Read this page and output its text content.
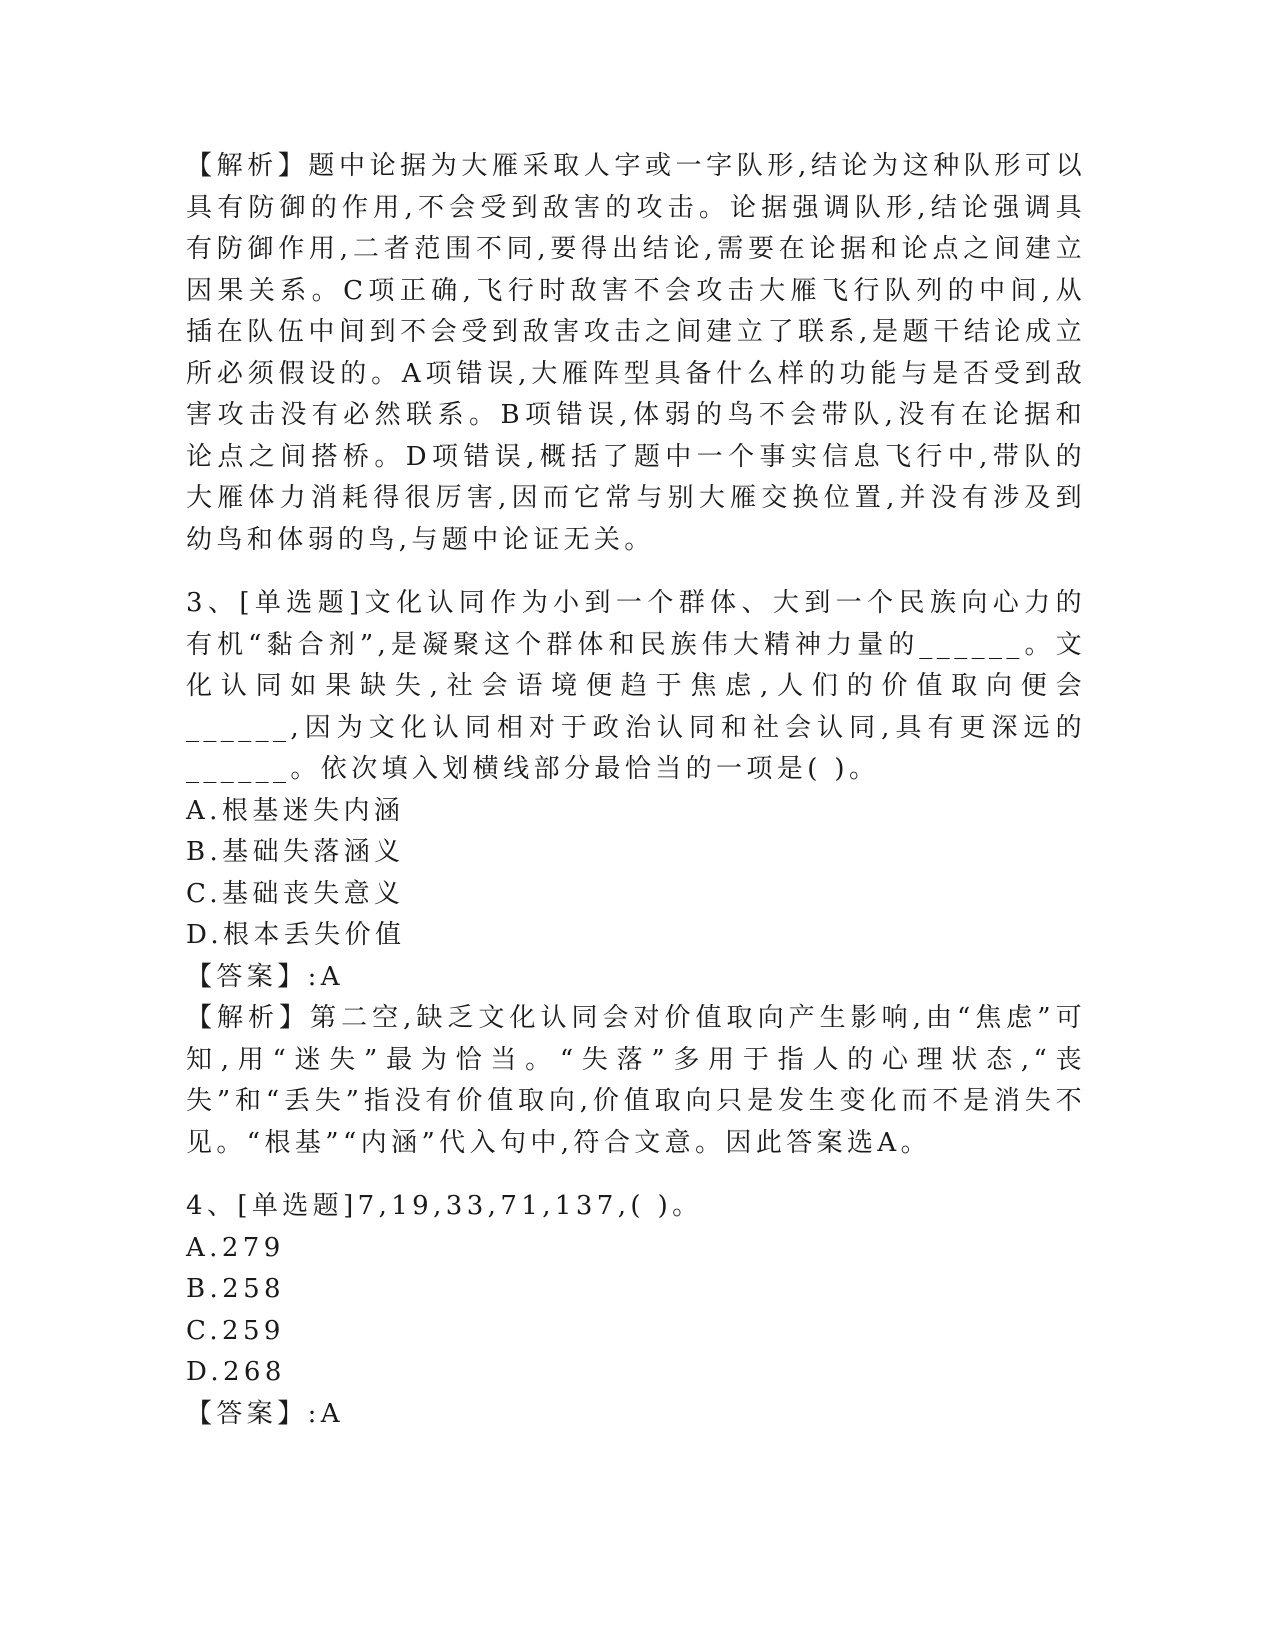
【解析】题中论据为大雁采取人字或一字队形,结论为这种队形可以具有防御的作用,不会受到敌害的攻击。论据强调队形,结论强调具有防御作用,二者范围不同,要得出结论,需要在论据和论点之间建立因果关系。C项正确,飞行时敌害不会攻击大雁飞行队列的中间,从插在队伍中间到不会受到敌害攻击之间建立了联系,是题干结论成立所必须假设的。A项错误,大雁阵型具备什么样的功能与是否受到敌害攻击没有必然联系。B项错误,体弱的鸟不会带队,没有在论据和论点之间搭桥。D项错误,概括了题中一个事实信息飞行中,带队的大雁体力消耗得很厉害,因而它常与别大雁交换位置,并没有涉及到幼鸟和体弱的鸟,与题中论证无关。

3、[单选题]文化认同作为小到一个群体、大到一个民族向心力的有机“黏合剂”,是凝聚这个群体和民族伟大精神力量的______。文化认同如果缺失,社会语境便趋于焦虑,人们的价值取向便会______,因为文化认同相对于政治认同和社会认同,具有更深远的______。依次填入划横线部分最恰当的一项是( )。

A.根基迷失内涵

B.基础失落涵义

C.基础丧失意义

D.根本丢失价值

【答案】:A

【解析】第二空,缺乏文化认同会对价值取向产生影响,由“焦虑”可知,用“迷失”最为恰当。“失落”多用于指人的心理状态,“丧失”和“丢失”指没有价值取向,价值取向只是发生变化而不是消失不见。“根基”“内涵”代入句中,符合文意。因此答案选A。

4、[单选题]7,19,33,71,137,( )。

A.279

B.258

C.259

D.268

【答案】:A
